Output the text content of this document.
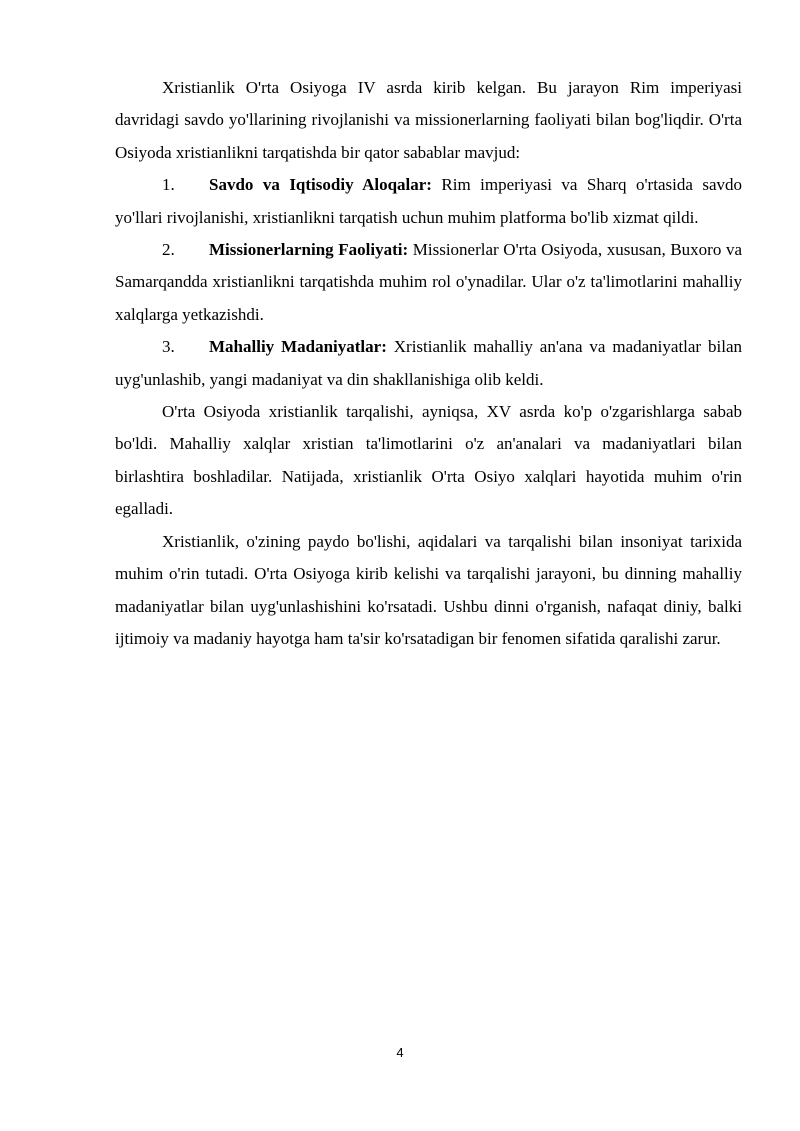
Xristianlik O'rta Osiyoga IV asrda kirib kelgan. Bu jarayon Rim imperiyasi davridagi savdo yo'llarining rivojlanishi va missionerlarning faoliyati bilan bog'liqdir. O'rta Osiyoda xristianlikni tarqatishda bir qator sabablar mavjud:

1. Savdo va Iqtisodiy Aloqalar: Rim imperiyasi va Sharq o'rtasida savdo yo'llari rivojlanishi, xristianlikni tarqatish uchun muhim platforma bo'lib xizmat qildi.

2. Missionerlarning Faoliyati: Missionerlar O'rta Osiyoda, xususan, Buxoro va Samarqandda xristianlikni tarqatishda muhim rol o'ynadilar. Ular o'z ta'limotlarini mahalliy xalqlarga yetkazishdi.

3. Mahalliy Madaniyatlar: Xristianlik mahalliy an'ana va madaniyatlar bilan uyg'unlashib, yangi madaniyat va din shakllanishiga olib keldi.

O'rta Osiyoda xristianlik tarqalishi, ayniqsa, XV asrda ko'p o'zgarishlarga sabab bo'ldi. Mahalliy xalqlar xristian ta'limotlarini o'z an'analari va madaniyatlari bilan birlashtira boshladilar. Natijada, xristianlik O'rta Osiyo xalqlari hayotida muhim o'rin egalladi.

Xristianlik, o'zining paydo bo'lishi, aqidalari va tarqalishi bilan insoniyat tarixida muhim o'rin tutadi. O'rta Osiyoga kirib kelishi va tarqalishi jarayoni, bu dinning mahalliy madaniyatlar bilan uyg'unlashishini ko'rsatadi. Ushbu dinni o'rganish, nafaqat diniy, balki ijtimoiy va madaniy hayotga ham ta'sir ko'rsatadigan bir fenomen sifatida qaralishi zarur.

4
